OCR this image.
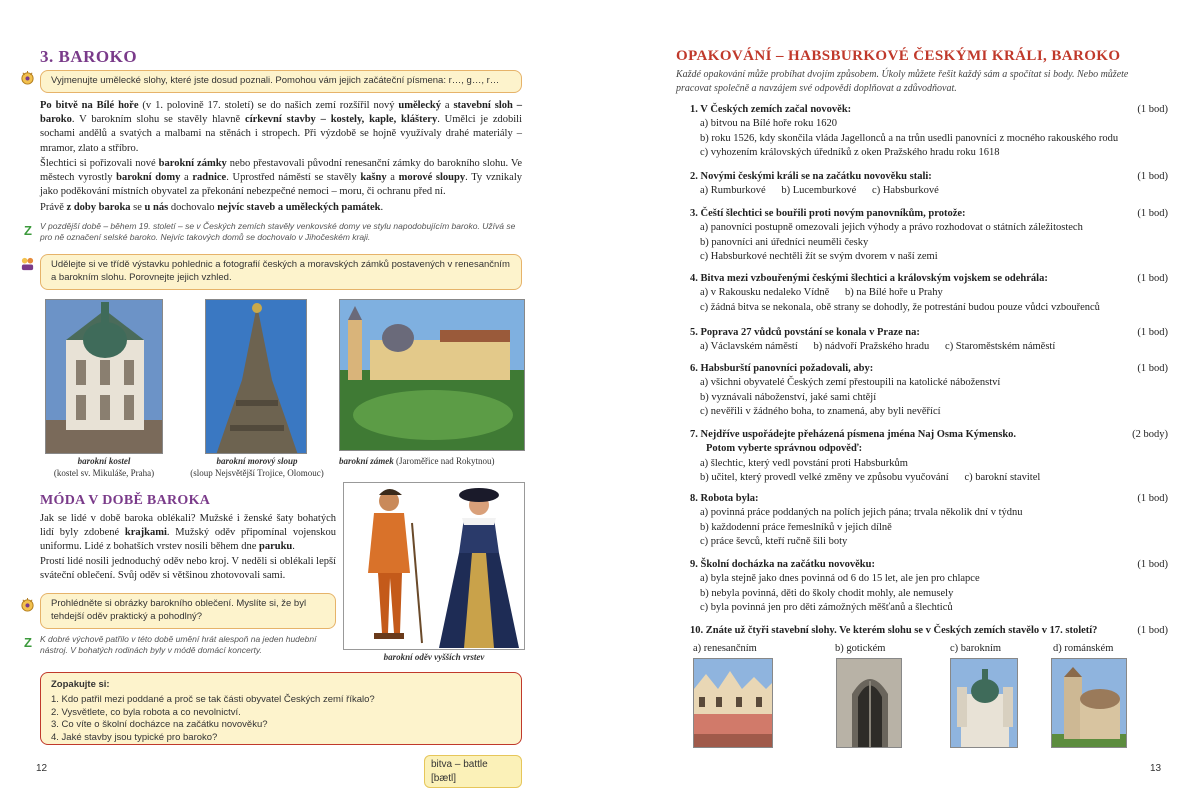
3. BAROKO
Vyjmenujte umělecké slohy, které jste dosud poznali. Pomohou vám jejich začáteční písmena: r…, g…, r…

Po bitvě na Bílé hoře (v 1. polovině 17. století) se do našich zemí rozšířil nový umělecký a stavební sloh – baroko. V barokním slohu se stavěly hlavně církevní stavby – kostely, kaple, kláštery. Umělci je zdobili sochami andělů a svatých a malbami na stěnách i stropech. Při výzdobě se hojně využívaly drahé materiály – mramor, zlato a stříbro.

Šlechtici si pořizovali nové barokní zámky nebo přestavovali původní renesanční zámky do barokního slohu. Ve městech vyrostly barokní domy a radnice. Uprostřed náměstí se stavěly kašny a morové sloupy. Ty vznikaly jako poděkování místních obyvatel za překonání nebezpečné nemoci – moru, či ochranu před ní.

Právě z doby baroka se u nás dochovalo nejvíc staveb a uměleckých památek.

Z V pozdější době – během 19. století – se v Českých zemích stavěly venkovské domy ve stylu napodobujícím baroko. Užívá se pro ně označení selské baroko. Nejvíc takových domů se dochovalo v Jihočeském kraji.

Udělejte si ve třídě výstavku pohlednic a fotografií českých a moravských zámků postavených v renesančním a barokním slohu. Porovnejte jejich vzhled.
barokní kostel
(kostel sv. Mikuláše, Praha)
barokní morový sloup
(sloup Nejsvětější Trojice, Olomouc)
barokní zámek (Jaroměřice nad Rokytnou)
MÓDA V DOBĚ BAROKA

Jak se lidé v době baroka oblékali? Mužské i ženské šaty bohatých lidí byly zdobené krajkami. Mužský oděv připomínal vojenskou uniformu. Lidé z bohatších vrstev nosili během dne paruku.

Prostí lidé nosili jednoduchý oděv nebo kroj. V neděli si oblékali lepší sváteční oblečení. Svůj oděv si většinou zhotovovali sami.

Prohlédněte si obrázky barokního oblečení. Myslíte si, že byl tehdejší oděv praktický a pohodlný?
Z K dobré výchově patřilo v této době umění hrát alespoň na jeden hudební nástroj. V bohatých rodinách byly v módě domácí koncerty.

barokní oděv vyšších vrstev
Zopakujte si:
1. Kdo patřil mezi poddané a proč se tak části obyvatel Českých zemí říkalo?
2. Vysvětlete, co byla robota a co nevolnictví.
3. Co víte o školní docházce na začátku novověku?
4. Jaké stavby jsou typické pro baroko?
12	bitva – battle [bætl]
OPAKOVÁNÍ – HABSBURKOVÉ ČESKÝMI KRÁLI, BAROKO

Každé opakování může probíhat dvojím způsobem. Úkoly můžete řešit každý sám a spočítat si body. Nebo můžete pracovat společně a navzájem své odpovědi doplňovat a zdůvodňovat.

1. V Českých zemích začal novověk:	(1 bod)
a) bitvou na Bílé hoře roku 1620
b) roku 1526, kdy skončila vláda Jagellonců a na trůn usedli panovníci z mocného rakouského rodu
c) vyhozením královských úředníků z oken Pražského hradu roku 1618
2. Novými českými králi se na začátku novověku stali:	(1 bod)
a) Rumburkové      b) Lucemburkové      c) Habsburkové
3. Čeští šlechtici se bouřili proti novým panovníkům, protože:	(1 bod)
a) panovníci postupně omezovali jejich výhody a právo rozhodovat o státních záležitostech
b) panovníci ani úředníci neuměli česky
c) Habsburkové nechtěli žít se svým dvorem v naší zemi
4. Bitva mezi vzbouřenými českými šlechtici a královským vojskem se odehrála:	(1 bod)
a) v Rakousku nedaleko Vídně      b) na Bílé hoře u Prahy
c) žádná bitva se nekonala, obě strany se dohodly, že potrestání budou pouze vůdci vzbouřenců
5. Poprava 27 vůdců povstání se konala v Praze na:	(1 bod)
a) Václavském náměstí      b) nádvoří Pražského hradu      c) Staroměstském náměstí
6. Habsburští panovníci požadovali, aby:	(1 bod)
a) všichni obyvatelé Českých zemí přestoupili na katolické náboženství
b) vyznávali náboženství, jaké sami chtějí
c) nevěřili v žádného boha, to znamená, aby byli nevěřící
7. Nejdříve uspořádejte přeházená písmena jména Naj Osma Kýmensko.	(2 body)
Potom vyberte správnou odpověď:
a) šlechtic, který vedl povstání proti Habsburkům
b) učitel, který provedl velké změny ve způsobu vyučování      c) barokní stavitel
8. Robota byla:	(1 bod)
a) povinná práce poddaných na polích jejich pána; trvala několik dní v týdnu
b) každodenní práce řemeslníků v jejich dílně
c) práce ševců, kteří ručně šili boty
9. Školní docházka na začátku novověku:	(1 bod)
a) byla stejně jako dnes povinná od 6 do 15 let, ale jen pro chlapce
b) nebyla povinná, děti do školy chodit mohly, ale nemusely
c) byla povinná jen pro děti zámožných měšťanů a šlechticů
10. Znáte už čtyři stavební slohy. Ve kterém slohu se v Českých zemích stavělo v 17. století?	(1 bod)
a) renesančním	b) gotickém	c) barokním	d) románském
13
